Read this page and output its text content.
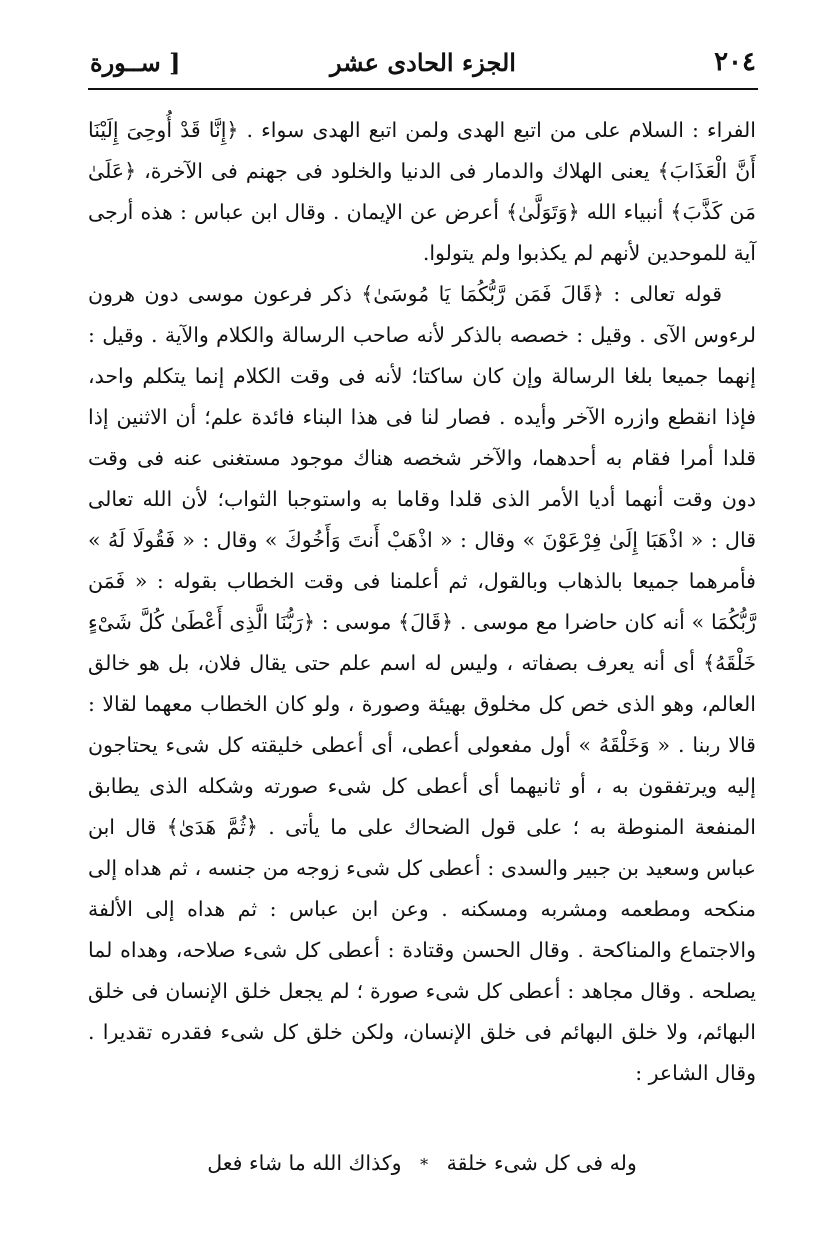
٢٠٤
الجزء الحادى عشر
[ ســورة

الفراء : السلام على من اتبع الهدى ولمن اتبع الهدى سواء . ﴿إِنَّا قَدْ أُوحِىَ إِلَيْنَا أَنَّ الْعَذَابَ﴾ يعنى الهلاك والدمار فى الدنيا والخلود فى جهنم فى الآخرة، ﴿عَلَىٰ مَن كَذَّبَ﴾ أنبياء الله ﴿وَتَوَلَّىٰ﴾ أعرض عن الإيمان . وقال ابن عباس : هذه أرجى آية للموحدين لأنهم لم يكذبوا ولم يتولوا.

قوله تعالى : ﴿قَالَ فَمَن رَّبُّكُمَا يَا مُوسَىٰ﴾ ذكر فرعون موسى دون هرون لرءوس الآى . وقيل : خصصه بالذكر لأنه صاحب الرسالة والكلام والآية . وقيل : إنهما جميعا بلغا الرسالة وإن كان ساكتا؛ لأنه فى وقت الكلام إنما يتكلم واحد، فإذا انقطع وازره الآخر وأيده . فصار لنا فى هذا البناء فائدة علم؛ أن الاثنين إذا قلدا أمرا فقام به أحدهما، والآخر شخصه هناك موجود مستغنى عنه فى وقت دون وقت أنهما أديا الأمر الذى قلدا وقاما به واستوجبا الثواب؛ لأن الله تعالى قال : « اذْهَبَا إِلَىٰ فِرْعَوْنَ » وقال : « اذْهَبْ أَنتَ وَأَخُوكَ » وقال : « فَقُولَا لَهُ » فأمرهما جميعا بالذهاب وبالقول، ثم أعلمنا فى وقت الخطاب بقوله : « فَمَن رَّبُّكُمَا » أنه كان حاضرا مع موسى . ﴿قَالَ﴾ موسى : ﴿رَبُّنَا الَّذِى أَعْطَىٰ كُلَّ شَىْءٍ خَلْقَهُ﴾ أى أنه يعرف بصفاته ، وليس له اسم علم حتى يقال فلان، بل هو خالق العالم، وهو الذى خص كل مخلوق بهيئة وصورة ، ولو كان الخطاب معهما لقالا : قالا ربنا . « وَخَلْقَهُ » أول مفعولى أعطى، أى أعطى خليقته كل شىء يحتاجون إليه ويرتفقون به ، أو ثانيهما أى أعطى كل شىء صورته وشكله الذى يطابق المنفعة المنوطة به ؛ على قول الضحاك على ما يأتى . ﴿ثُمَّ هَدَىٰ﴾ قال ابن عباس وسعيد بن جبير والسدى : أعطى كل شىء زوجه من جنسه ، ثم هداه إلى منكحه ومطعمه ومشربه ومسكنه . وعن ابن عباس : ثم هداه إلى الألفة والاجتماع والمناكحة . وقال الحسن وقتادة : أعطى كل شىء صلاحه، وهداه لما يصلحه . وقال مجاهد : أعطى كل شىء صورة ؛ لم يجعل خلق الإنسان فى خلق البهائم، ولا خلق البهائم فى خلق الإنسان، ولكن خلق كل شىء فقدره تقديرا . وقال الشاعر :

وله فى كل شىء خلقة * وكذاك الله ما شاء فعل
